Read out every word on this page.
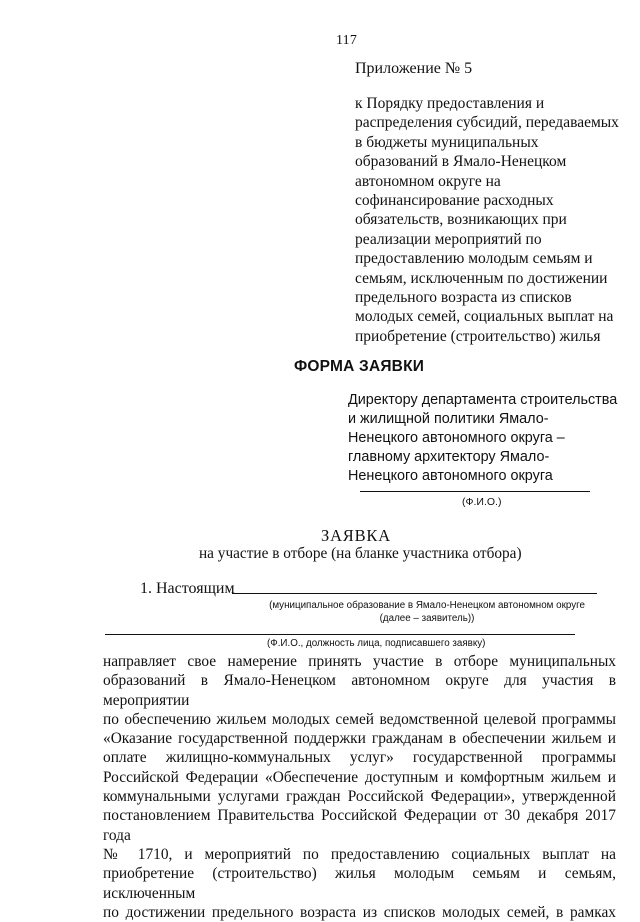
117
Приложение № 5
к Порядку предоставления и
распределения субсидий, передаваемых
в бюджеты муниципальных
образований в Ямало-Ненецком
автономном округе на
софинансирование расходных
обязательств, возникающих при
реализации мероприятий по
предоставлению молодым семьям и
семьям, исключенным по достижении
предельного возраста из списков
молодых семей, социальных выплат на
приобретение (строительство) жилья
ФОРМА ЗАЯВКИ
Директору департамента строительства
и жилищной политики Ямало-
Ненецкого автономного округа –
главному архитектору Ямало-
Ненецкого автономного округа
(Ф.И.О.)
ЗАЯВКА
на участие в отборе (на бланке участника отбора)
1. Настоящим
(муниципальное образование в Ямало-Ненецком автономном округе
(далее – заявитель))
(Ф.И.О., должность лица, подписавшего заявку)
направляет свое намерение принять участие в отборе муниципальных
образований в Ямало-Ненецком автономном округе для участия в мероприятии
по обеспечению жильем молодых семей ведомственной целевой программы
«Оказание государственной поддержки гражданам в обеспечении жильем и
оплате жилищно-коммунальных услуг» государственной программы
Российской Федерации «Обеспечение доступным и комфортным жильем и
коммунальными услугами граждан Российской Федерации», утвержденной
постановлением Правительства Российской Федерации от 30 декабря 2017 года
№ 1710, и мероприятий по предоставлению социальных выплат на
приобретение (строительство) жилья молодым семьям и семьям, исключенным
по достижении предельного возраста из списков молодых семей, в рамках
